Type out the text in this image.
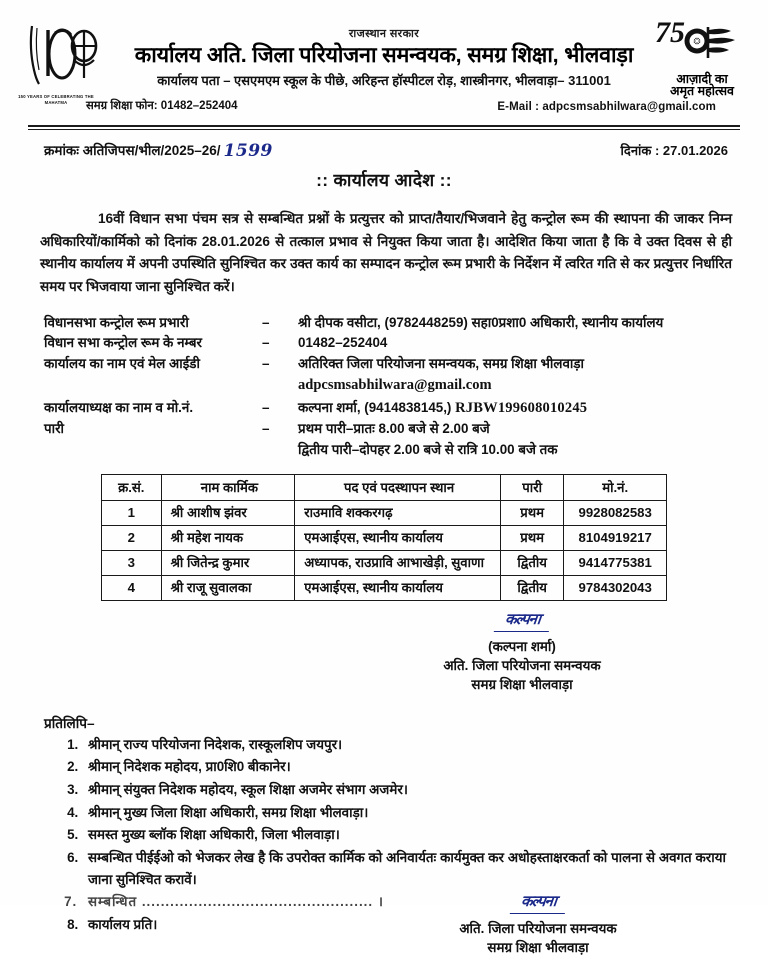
150 YEARS OF CELEBRATING THE MAHATMA
75
आज़ादी का
अमृत महोत्सव
राजस्थान सरकार
कार्यालय अति. जिला परियोजना समन्वयक, समग्र शिक्षा, भीलवाड़ा
कार्यालय पता – एसएमएम स्कूल के पीछे, अरिहन्त हॉस्पीटल रोड़, शास्त्रीनगर, भीलवाड़ा– 311001
समग्र शिक्षा फोन: 01482–252404	E-Mail : adpcsmsabhilwara@gmail.com
क्रमांकः अतिजिपस/भील/2025–26/ 1599	दिनांक : 27.01.2026
:: कार्यालय आदेश ::

16वीं विधान सभा पंचम सत्र से सम्बन्धित प्रश्नों के प्रत्युत्तर को प्राप्त/तैयार/भिजवाने हेतु कन्ट्रोल रूम की स्थापना की जाकर निम्न अधिकारियों/कार्मिको को दिनांक 28.01.2026 से तत्काल प्रभाव से नियुक्त किया जाता है। आदेशित किया जाता है कि वे उक्त दिवस से ही स्थानीय कार्यालय में अपनी उपस्थिति सुनिश्चित कर उक्त कार्य का सम्पादन कन्ट्रोल रूम प्रभारी के निर्देशन में त्वरित गति से कर प्रत्युत्तर निर्धारित समय पर भिजवाया जाना सुनिश्चित करें।

विधानसभा कन्ट्रोल रूम प्रभारी	–	श्री दीपक वसीटा, (9782448259) सहा0प्रशा0 अधिकारी, स्थानीय कार्यालय
विधान सभा कन्ट्रोल रूम के नम्बर	–	01482–252404
कार्यालय का नाम एवं मेल आईडी	–	अतिरिक्त जिला परियोजना समन्वयक, समग्र शिक्षा भीलवाड़ा
adpcsmsabhilwara@gmail.com
कार्यालयाध्यक्ष का नाम व मो.नं.	–	कल्पना शर्मा, (9414838145,) RJBW199608010245
पारी	–	प्रथम पारी–प्रातः 8.00 बजे से 2.00 बजे
द्वितीय पारी–दोपहर 2.00 बजे से रात्रि 10.00 बजे तक
क्र.सं.	नाम कार्मिक	पद एवं पदस्थापन स्थान	पारी	मो.नं.
1	श्री आशीष झंवर	राउमावि शक्करगढ़	प्रथम	9928082583
2	श्री महेश नायक	एमआईएस, स्थानीय कार्यालय	प्रथम	8104919217
3	श्री जितेन्द्र कुमार	अध्यापक, राउप्रावि आभाखेड़ी, सुवाणा	द्वितीय	9414775381
4	श्री राजू सुवालका	एमआईएस, स्थानीय कार्यालय	द्वितीय	9784302043
कल्पना
(कल्पना शर्मा)
अति. जिला परियोजना समन्वयक
समग्र शिक्षा भीलवाड़ा
प्रतिलिपि–
1. श्रीमान् राज्य परियोजना निदेशक, रास्कूलशिप जयपुर।
2. श्रीमान् निदेशक महोदय, प्रा0शि0 बीकानेर।
3. श्रीमान् संयुक्त निदेशक महोदय, स्कूल शिक्षा अजमेर संभाग अजमेर।
4. श्रीमान् मुख्य जिला शिक्षा अधिकारी, समग्र शिक्षा भीलवाड़ा।
5. समस्त मुख्य ब्लॉक शिक्षा अधिकारी, जिला भीलवाड़ा।
6. सम्बन्धित पीईईओ को भेजकर लेख है कि उपरोक्त कार्मिक को अनिवार्यतः कार्यमुक्त कर अधोहस्ताक्षरकर्ता को पालना से अवगत कराया जाना सुनिश्चित करावें।
7. सम्बन्धित ................................................. ।
8. कार्यालय प्रति।
कल्पना
अति. जिला परियोजना समन्वयक
समग्र शिक्षा भीलवाड़ा
